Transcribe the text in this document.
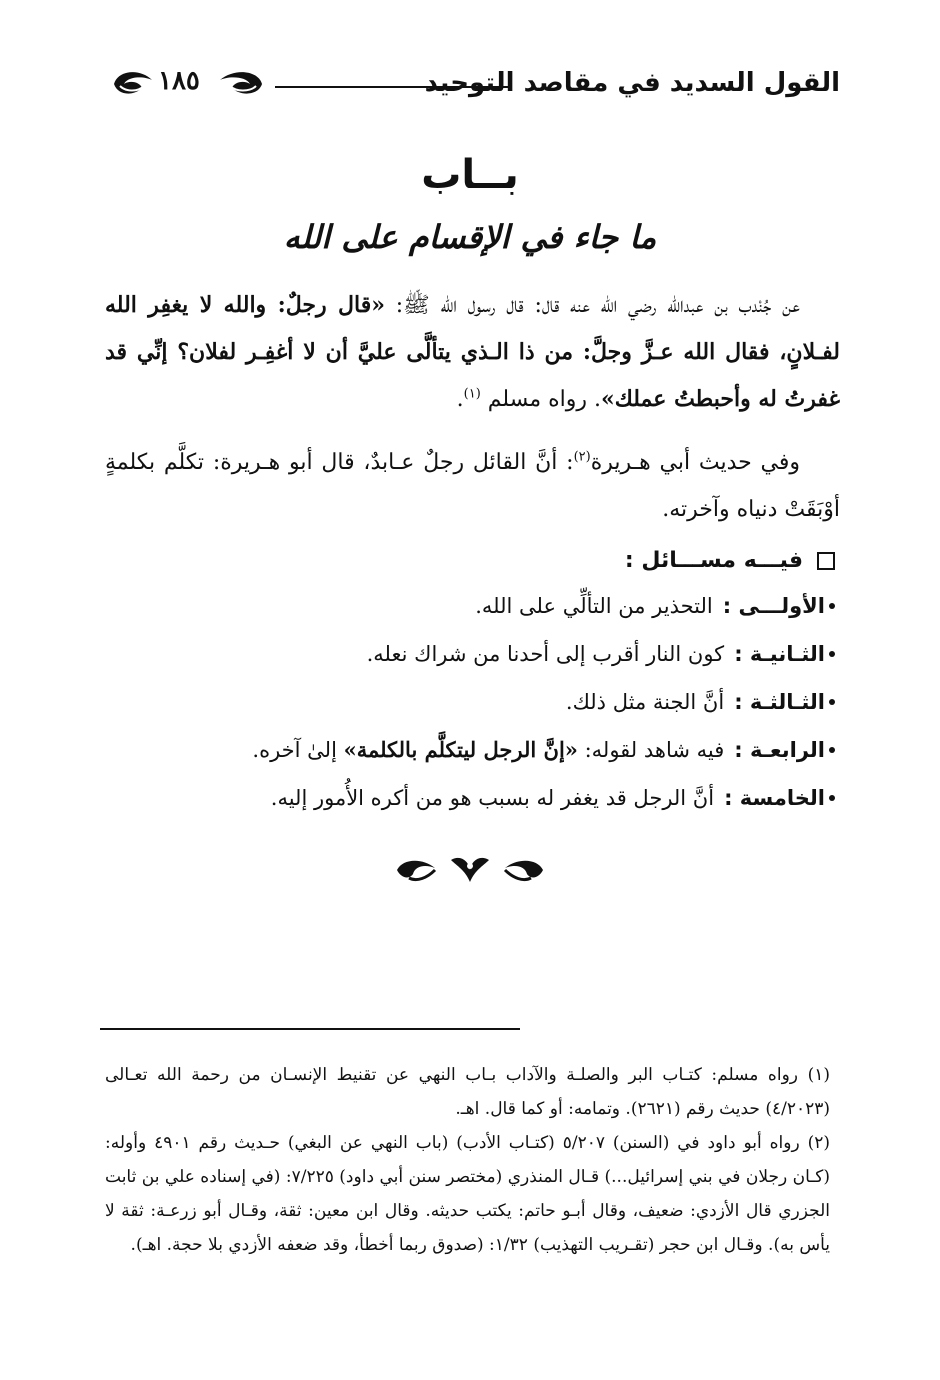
القول السديد في مقاصد التوحيد
١٨٥
بــاب
ما جاء في الإقسام على الله

عن جُنْدب بن عبدالله رضي الله عنه قال: قال رسول الله ﷺ: «قال رجلٌ: والله لا يغفِر الله لفـلانٍ، فقال الله عـزَّ وجلَّ: من ذا الـذي يتألَّى عليَّ أن لا أغفِـر لفلان؟ إنِّي قد غفرتُ له وأحبطتُ عملك». رواه مسلم $^{(١)}$.

وفي حديث أبي هـريرة$^{(٢)}$: أنَّ القائل رجلٌ عـابدٌ، قال أبو هـريرة: تكلَّم بكلمةٍ أوْبَقَتْ دنياه وآخرته.

فيـــه مســـائل :
الأولـــى :
التحذير من التألِّي على الله.
الثـانيـة :
كون النار أقرب إلى أحدنا من شراك نعله.
الثـالثـة :
أنَّ الجنة مثل ذلك.
الرابعـة :
فيه شاهد لقوله: «إنَّ الرجل ليتكلَّم بالكلمة» إلىٰ آخره.
الخامسة :
أنَّ الرجل قد يغفر له بسبب هو من أكره الأُمور إليه.

(١) رواه مسلم: كتـاب البر والصلـة والآداب بـاب النهي عن تقنيط الإنسـان من رحمة الله تعـالى (٤/٢٠٢٣) حديث رقم (٢٦٢١). وتمامه: أو كما قال. اهـ.

(٢) رواه أبو داود في (السنن) ٥/٢٠٧ (كتـاب الأدب) (باب النهي عن البغي) حـديث رقم ٤٩٠١ وأوله: (كـان رجلان في بني إسرائيل...) قـال المنذري (مختصر سنن أبي داود) ٧/٢٢٥: (في إسناده علي بن ثابت الجزري قال الأزدي: ضعيف، وقال أبـو حاتم: يكتب حديثه. وقال ابن معين: ثقة، وقـال أبو زرعـة: ثقة لا يأس به). وقـال ابن حجر (تقـريب التهذيب) ١/٣٢: (صدوق ربما أخطأ، وقد ضعفه الأزدي بلا حجة. اهـ).
